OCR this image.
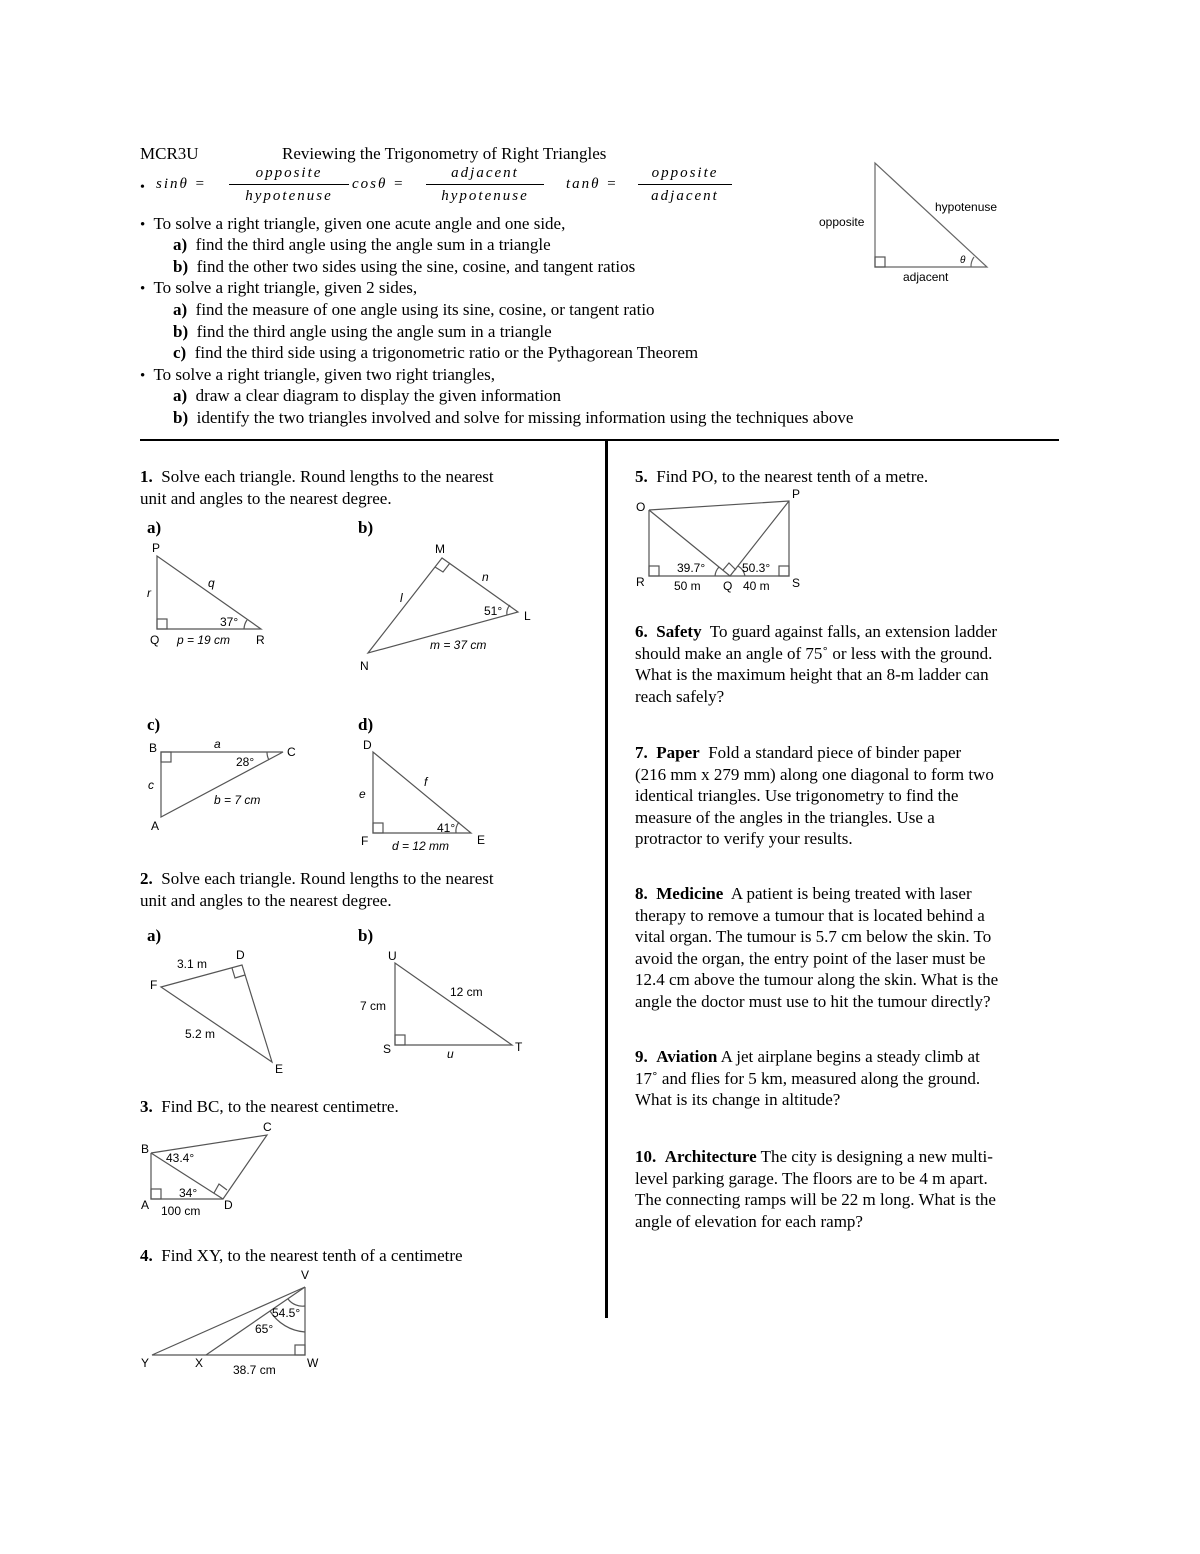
MCR3U	Reviewing the Trigonometry of Right Triangles
• sinθ =
opposite
hypotenuse
cosθ =
adjacent
hypotenuse
tanθ =
opposite
adjacent
opposite
hypotenuse
adjacent
θ
• To solve a right triangle, given one acute angle and one side,
a) find the third angle using the angle sum in a triangle
b) find the other two sides using the sine, cosine, and tangent ratios
• To solve a right triangle, given 2 sides,
a) find the measure of one angle using its sine, cosine, or tangent ratio
b) find the third angle using the angle sum in a triangle
c) find the third side using a trigonometric ratio or the Pythagorean Theorem
• To solve a right triangle, given two right triangles,
a) draw a clear diagram to display the given information
b) identify the two triangles involved and solve for missing information using the techniques above
1. Solve each triangle. Round lengths to the nearest
unit and angles to the nearest degree.
a)
P
Q	R
r
q
37°
p = 19 cm
b)
M
N
L
l
n
51°
m = 37 cm
c)
B	C
A
a
c
28°
b = 7 cm
d)
D
F	E
e
f
41°
d = 12 mm
2. Solve each triangle. Round lengths to the nearest
unit and angles to the nearest degree.
a)
D
F
E
3.1 m
5.2 m
b)
U
S	T
7 cm
12 cm
u
3. Find BC, to the nearest centimetre.
B
C
A	D
43.4°
34°
100 cm
4. Find XY, to the nearest tenth of a centimetre
V
Y	X	W
54.5°
65°
38.7 cm
5. Find PO, to the nearest tenth of a metre.
O
P
R	Q	S
39.7°	50.3°
50 m	40 m
6. Safety To guard against falls, an extension ladder
should make an angle of 75˚ or less with the ground.
What is the maximum height that an 8-m ladder can
reach safely?
7. Paper Fold a standard piece of binder paper
(216 mm x 279 mm) along one diagonal to form two
identical triangles. Use trigonometry to find the
measure of the angles in the triangles. Use a
protractor to verify your results.
8. Medicine A patient is being treated with laser
therapy to remove a tumour that is located behind a
vital organ. The tumour is 5.7 cm below the skin. To
avoid the organ, the entry point of the laser must be
12.4 cm above the tumour along the skin. What is the
angle the doctor must use to hit the tumour directly?
9. Aviation A jet airplane begins a steady climb at
17˚ and flies for 5 km, measured along the ground.
What is its change in altitude?
10. Architecture The city is designing a new multi-
level parking garage. The floors are to be 4 m apart.
The connecting ramps will be 22 m long. What is the
angle of elevation for each ramp?
